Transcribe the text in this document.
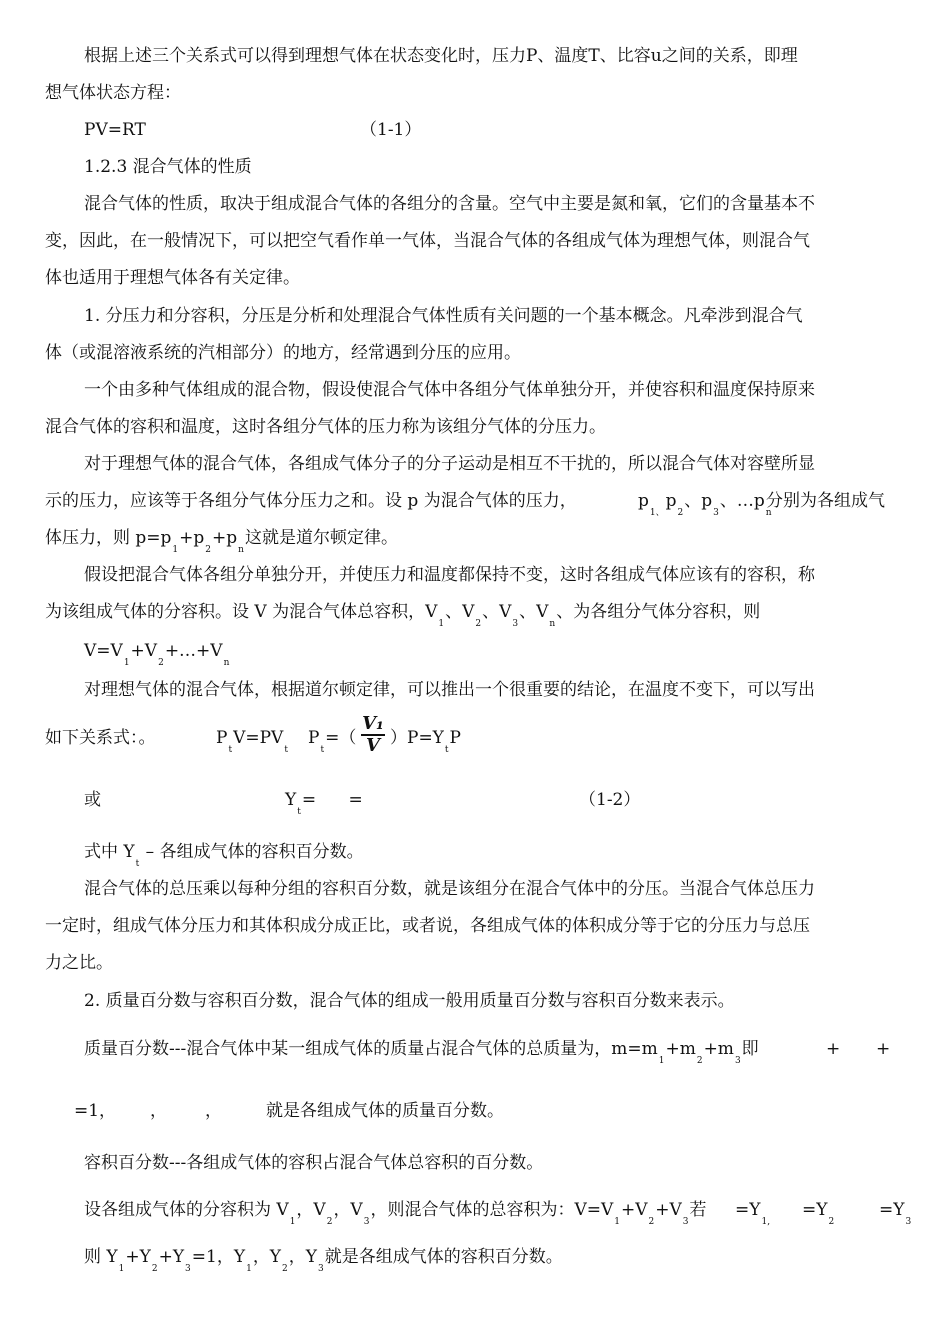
根据上述三个关系式可以得到理想气体在状态变化时，压力P、温度T、比容u之间的关系，即理
想气体状态方程：
PV=RT	（1-1）
1.2.3 混合气体的性质
混合气体的性质，取决于组成混合气体的各组分的含量。空气中主要是氮和氧，它们的含量基本不
变，因此，在一般情况下，可以把空气看作单一气体，当混合气体的各组成气体为理想气体，则混合气
体也适用于理想气体各有关定律。
1. 分压力和分容积，分压是分析和处理混合气体性质有关问题的一个基本概念。凡牵涉到混合气
体（或混溶液系统的汽相部分）的地方，经常遇到分压的应用。
一个由多种气体组成的混合物，假设使混合气体中各组分气体单独分开，并使容积和温度保持原来
混合气体的容积和温度，这时各组分气体的压力称为该组分气体的分压力。
对于理想气体的混合气体，各组成气体分子的分子运动是相互不干扰的，所以混合气体对容壁所显
示的压力，应该等于各组分气体分压力之和。设 p 为混合气体的压力，	$p_{1、}p_2$、$p_3$、$\dots p_n$
分别为各组成气
体压力，则 $p=p_1+p_2+p_n$这就是道尔顿定律。
假设把混合气体各组分单独分开，并使压力和温度都保持不变，这时各组成气体应该有的容积，称
为该组成气体的分容积。设 V 为混合气体总容积，$V_1$、$V_2$、$V_3$、$V_n$、为各组分气体分容积，则
$V=V_1+V_2+\dots+V_n$
对理想气体的混合气体，根据道尔顿定律，可以推出一个很重要的结论，在温度不变下，可以写出
如下关系式：。	$P_tV=PV_t$
$P_t=( \frac{\text{V₁}}{V} )P=Y_tP$
或	$Y_t=$      =	（1-2）
式中 $Y_t$ – 各组成气体的容积百分数。
混合气体的总压乘以每种分组的容积百分数，就是该组分在混合气体中的分压。当混合气体总压力
一定时，组成气体分压力和其体积成分成正比，或者说，各组成气体的体积成分等于它的分压力与总压
力之比。
2. 质量百分数与容积百分数，混合气体的组成一般用质量百分数与容积百分数来表示。
质量百分数---混合气体中某一组成气体的质量占混合气体的总质量为，$m=m_1+m_2+m_3$即	+ +
=1， ， ，	就是各组成气体的质量百分数。
容积百分数---各组成气体的容积占混合气体总容积的百分数。
设各组成气体的分容积为 $V_1$，$V_2$，$V_3$，则混合气体的总容积为：$V=V_1+V_2+V_3$若 $=Y_{1,}$
$=Y_2$
$=Y_3$
则 $Y_1+Y_2+Y_3=1$，$Y_1$，$Y_2$，$Y_3$就是各组成气体的容积百分数。
